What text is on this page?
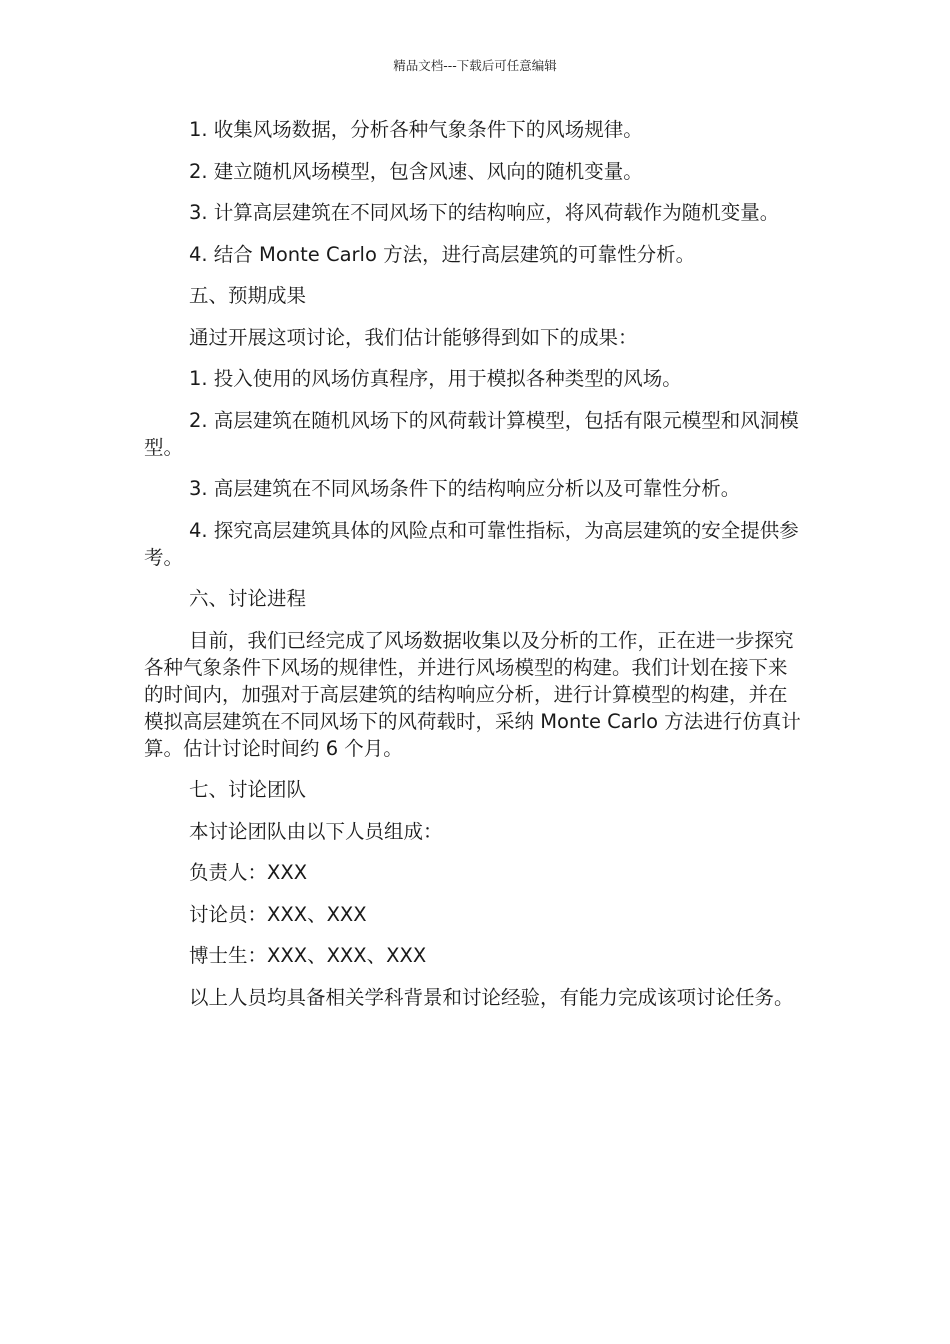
精品文档---下载后可任意编辑

1. 收集风场数据，分析各种气象条件下的风场规律。

2. 建立随机风场模型，包含风速、风向的随机变量。

3. 计算高层建筑在不同风场下的结构响应，将风荷载作为随机变量。

4. 结合 Monte Carlo 方法，进行高层建筑的可靠性分析。

五、预期成果

通过开展这项讨论，我们估计能够得到如下的成果：

1. 投入使用的风场仿真程序，用于模拟各种类型的风场。

2. 高层建筑在随机风场下的风荷载计算模型，包括有限元模型和风洞模型。

3. 高层建筑在不同风场条件下的结构响应分析以及可靠性分析。

4. 探究高层建筑具体的风险点和可靠性指标，为高层建筑的安全提供参考。

六、讨论进程

目前，我们已经完成了风场数据收集以及分析的工作，正在进一步探究各种气象条件下风场的规律性，并进行风场模型的构建。我们计划在接下来的时间内，加强对于高层建筑的结构响应分析，进行计算模型的构建，并在模拟高层建筑在不同风场下的风荷载时，采纳 Monte Carlo 方法进行仿真计算。估计讨论时间约 6 个月。

七、讨论团队

本讨论团队由以下人员组成：

负责人：XXX

讨论员：XXX、XXX

博士生：XXX、XXX、XXX

以上人员均具备相关学科背景和讨论经验，有能力完成该项讨论任务。
